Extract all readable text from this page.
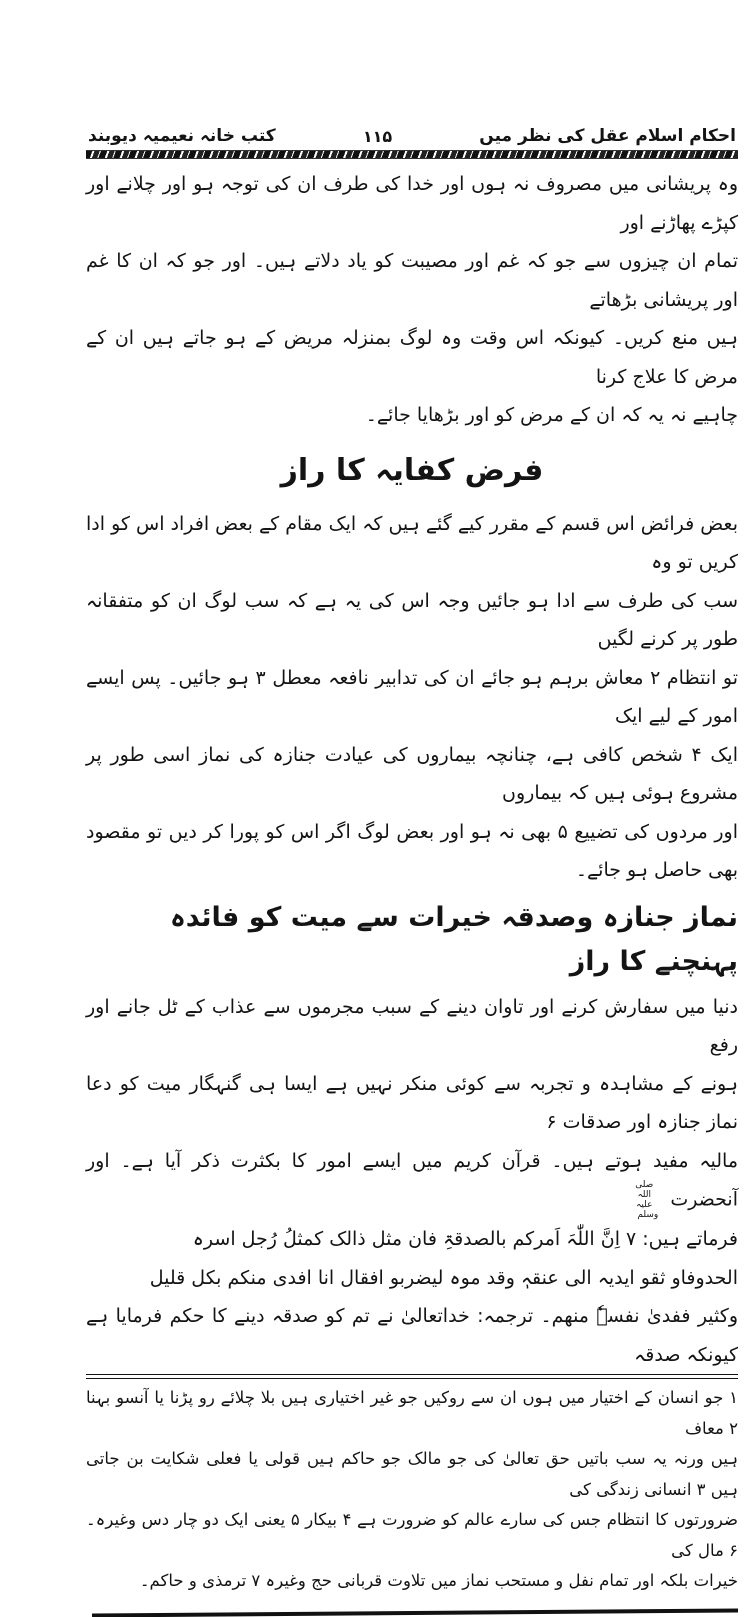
احکام اسلام عقل کی نظر میں
۱۱۵
کتب خانہ نعیمیہ دیوبند

وہ پریشانی میں مصروف نہ ہوں اور خدا کی طرف ان کی توجہ ہو اور چلانے اور کپڑے پھاڑنے اور

تمام ان چیزوں سے جو کہ غم اور مصیبت کو یاد دلاتے ہیں۔ اور جو کہ ان کا غم اور پریشانی بڑھاتے

ہیں منع کریں۔ کیونکہ اس وقت وہ لوگ بمنزلہ مریض کے ہو جاتے ہیں ان کے مرض کا علاج کرنا

چاہیے نہ یہ کہ ان کے مرض کو اور بڑھایا جائے۔

فرض کفایہ کا راز

بعض فرائض اس قسم کے مقرر کیے گئے ہیں کہ ایک مقام کے بعض افراد اس کو ادا کریں تو وہ

سب کی طرف سے ادا ہو جائیں وجہ اس کی یہ ہے کہ سب لوگ ان کو متفقانہ طور پر کرنے لگیں

تو انتظام ۲ معاش برہم ہو جائے ان کی تدابیر نافعہ معطل ۳ ہو جائیں۔ پس ایسے امور کے لیے ایک

ایک ۴ شخص کافی ہے، چنانچہ بیماروں کی عیادت جنازہ کی نماز اسی طور پر مشروع ہوئی ہیں کہ بیماروں

اور مردوں کی تضییع ۵ بھی نہ ہو اور بعض لوگ اگر اس کو پورا کر دیں تو مقصود بھی حاصل ہو جائے۔

نماز جنازہ وصدقہ خیرات سے میت کو فائدہ پہنچنے کا راز

دنیا میں سفارش کرنے اور تاوان دینے کے سبب مجرموں سے عذاب کے ٹل جانے اور رفع

ہونے کے مشاہدہ و تجربہ سے کوئی منکر نہیں ہے ایسا ہی گنہگار میت کو دعا نماز جنازہ اور صدقات ۶

مالیہ مفید ہوتے ہیں۔ قرآن کریم میں ایسے امور کا بکثرت ذکر آیا ہے۔ اور آنحضرت صلی اللہ علیہ وسلم

فرماتے ہیں: ۷ اِنَّ اللّٰہَ اَمرکم بالصدقۃِ فان مثل ذالک کمثلُ رُجل اسرہ

الحدوفاو ثقو ایدیہ الی عنقہٖ وقد موہ لیضربو افقال انا افدی منکم بکل قلیل

وکثیر ففدیٰ نفسہٗ منھم۔ ترجمہ: خداتعالیٰ نے تم کو صدقہ دینے کا حکم فرمایا ہے کیونکہ صدقہ

۱ جو انسان کے اختیار میں ہوں ان سے روکیں جو غیر اختیاری ہیں بلا چلائے رو پڑنا یا آنسو بہنا ۲ معاف

ہیں ورنہ یہ سب باتیں حق تعالیٰ کی جو مالک جو حاکم ہیں قولی یا فعلی شکایت بن جاتی ہیں ۳ انسانی زندگی کی

ضرورتوں کا انتظام جس کی سارے عالم کو ضرورت ہے ۴ بیکار ۵ یعنی ایک دو چار دس وغیرہ۔ ۶ مال کی

خیرات بلکہ اور تمام نفل و مستحب نماز میں تلاوت قربانی حج وغیرہ ۷ ترمذی و حاکم۔
